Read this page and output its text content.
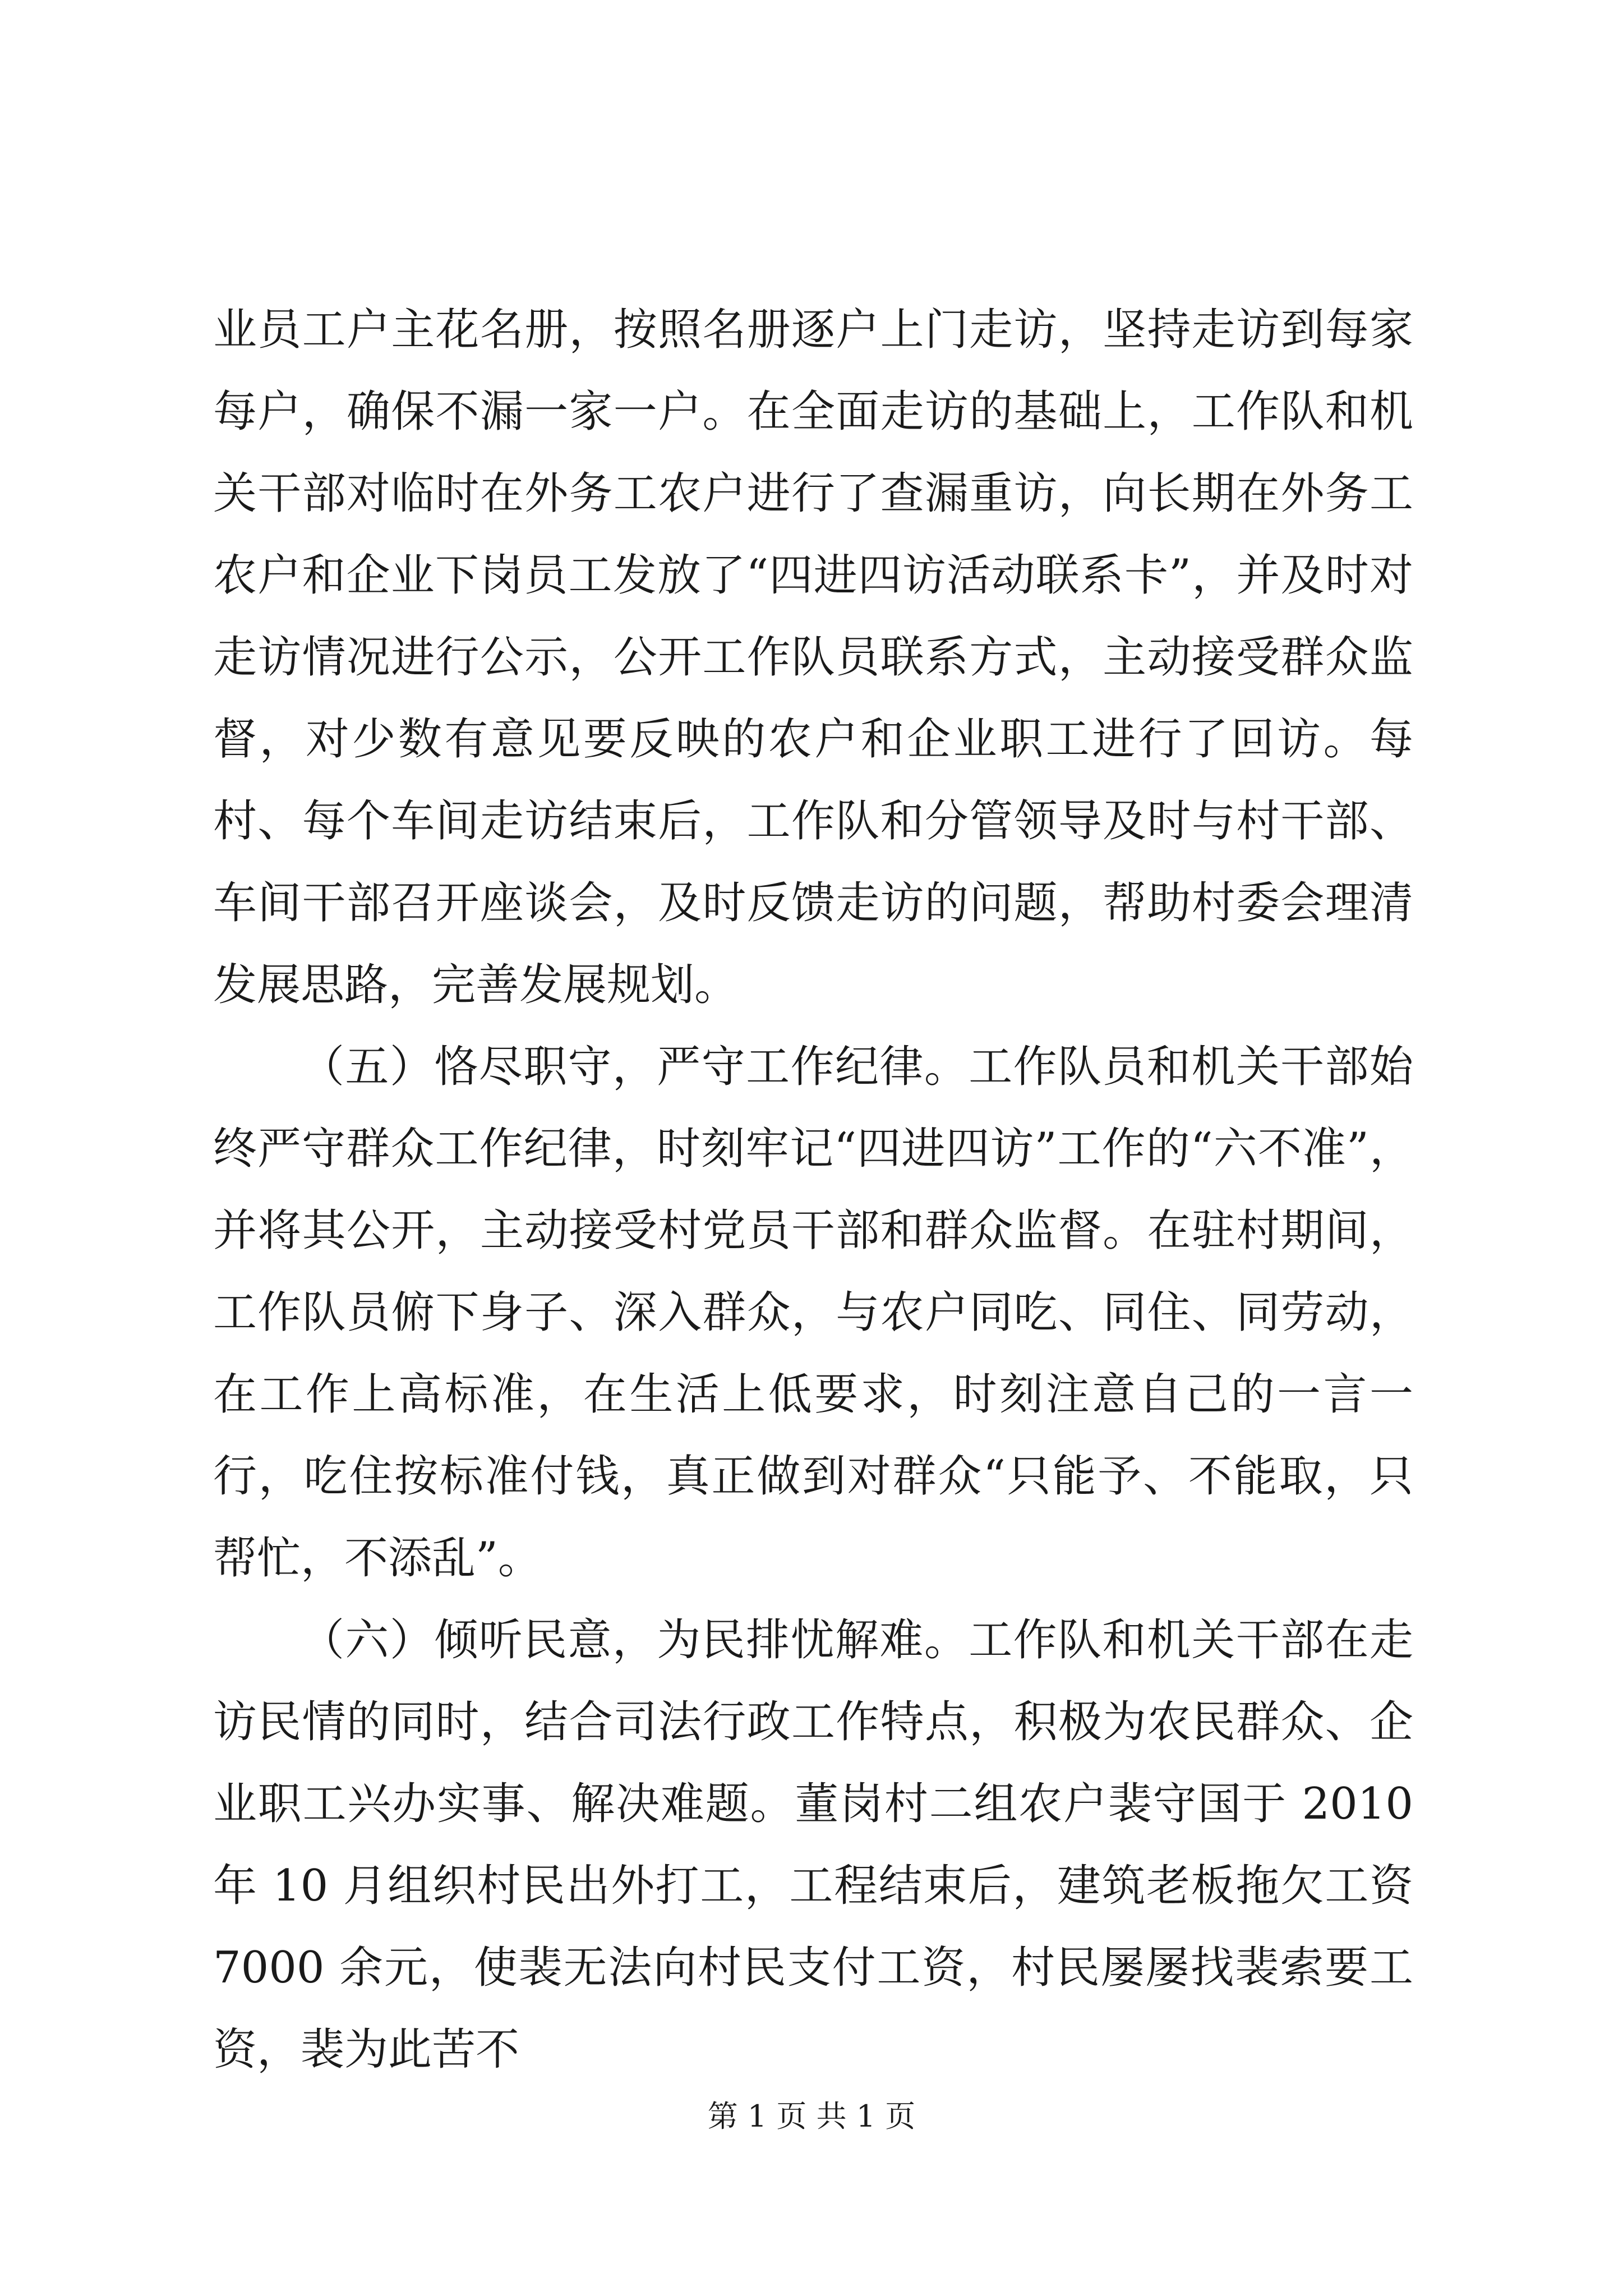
业员工户主花名册，按照名册逐户上门走访，坚持走访到每家每户，确保不漏一家一户。在全面走访的基础上，工作队和机关干部对临时在外务工农户进行了查漏重访，向长期在外务工农户和企业下岗员工发放了“四进四访活动联系卡”，并及时对走访情况进行公示，公开工作队员联系方式，主动接受群众监督，对少数有意见要反映的农户和企业职工进行了回访。每村、每个车间走访结束后，工作队和分管领导及时与村干部、车间干部召开座谈会，及时反馈走访的问题，帮助村委会理清发展思路，完善发展规划。

（五）恪尽职守，严守工作纪律。工作队员和机关干部始终严守群众工作纪律，时刻牢记“四进四访”工作的“六不准”，并将其公开，主动接受村党员干部和群众监督。在驻村期间，工作队员俯下身子、深入群众，与农户同吃、同住、同劳动，在工作上高标准，在生活上低要求，时刻注意自己的一言一行，吃住按标准付钱，真正做到对群众“只能予、不能取，只帮忙，不添乱”。

（六）倾听民意，为民排忧解难。工作队和机关干部在走访民情的同时，结合司法行政工作特点，积极为农民群众、企业职工兴办实事、解决难题。董岗村二组农户裴守国于 2010 年 10 月组织村民出外打工，工程结束后，建筑老板拖欠工资 7000 余元，使裴无法向村民支付工资，村民屡屡找裴索要工资，裴为此苦不

第 1 页 共 1 页
